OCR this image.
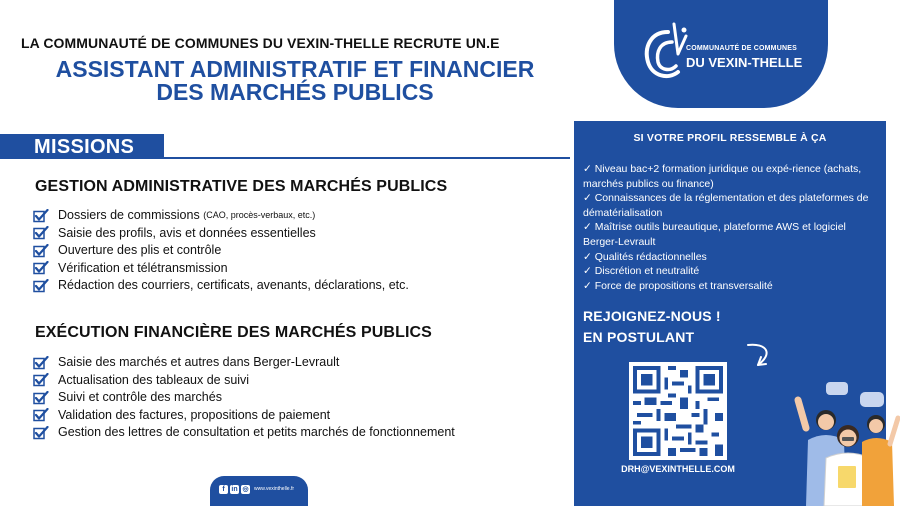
LA COMMUNAUTÉ DE COMMUNES DU VEXIN-THELLE RECRUTE UN.E
ASSISTANT ADMINISTRATIF ET FINANCIER
DES MARCHÉS PUBLICS
COMMUNAUTÉ DE COMMUNES
DU VEXIN-THELLE
MISSIONS
GESTION ADMINISTRATIVE DES MARCHÉS PUBLICS
Dossiers de commissions
(CAO, procès-verbaux, etc.)
Saisie des profils, avis et données essentielles
Ouverture des plis et contrôle
Vérification et télétransmission
Rédaction des courriers, certificats, avenants, déclarations, etc.
EXÉCUTION FINANCIÈRE DES MARCHÉS PUBLICS
Saisie des marchés et autres dans Berger-Levrault
Actualisation des tableaux de suivi
Suivi et contrôle des marchés
Validation des factures, propositions de paiement
Gestion des lettres de consultation et petits marchés de fonctionnement
SI VOTRE PROFIL RESSEMBLE À ÇA
✓ Niveau bac+2 formation juridique ou expé-rience (achats, marchés publics ou finance)
✓ Connaissances de la réglementation et des plateformes de dématérialisation
✓ Maîtrise outils bureautique, plateforme AWS et logiciel Berger-Levrault
✓ Qualités rédactionnelles
✓ Discrétion et neutralité
✓ Force de propositions et transversalité
REJOIGNEZ-NOUS !
EN POSTULANT
DRH@VEXINTHELLE.COM
f in ◎ www.vexinthelle.fr
